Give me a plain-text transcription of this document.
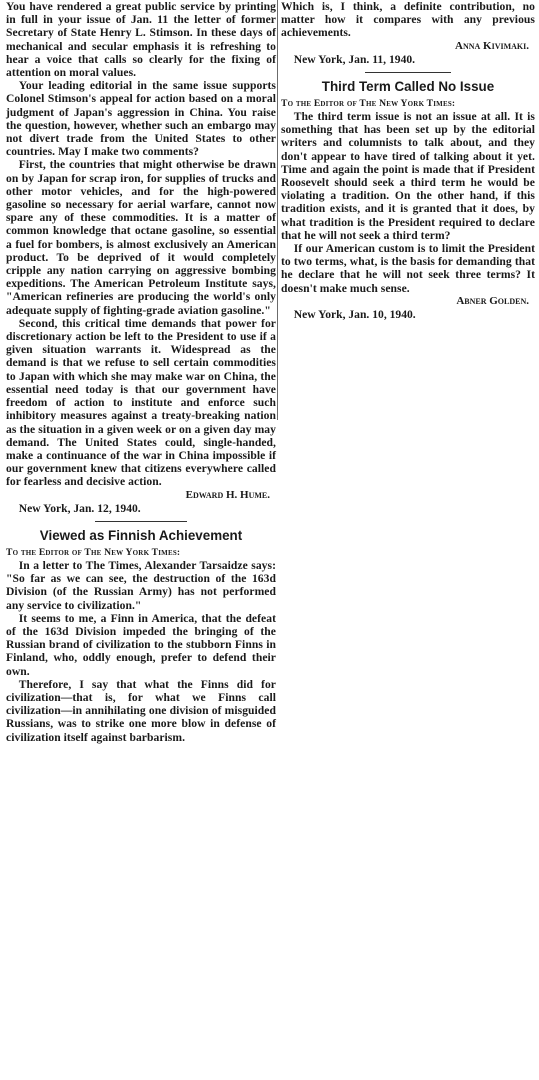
You have rendered a great public service by printing in full in your issue of Jan. 11 the letter of former Secretary of State Henry L. Stimson. In these days of mechanical and secular emphasis it is refreshing to hear a voice that calls so clearly for the fixing of attention on moral values.

Your leading editorial in the same issue supports Colonel Stimson's appeal for action based on a moral judgment of Japan's aggression in China. You raise the question, however, whether such an embargo may not divert trade from the United States to other countries. May I make two comments?

First, the countries that might otherwise be drawn on by Japan for scrap iron, for supplies of trucks and other motor vehicles, and for the high-powered gasoline so necessary for aerial warfare, cannot now spare any of these commodities. It is a matter of common knowledge that octane gasoline, so essential a fuel for bombers, is almost exclusively an American product. To be deprived of it would completely cripple any nation carrying on aggressive bombing expeditions. The American Petroleum Institute says, "American refineries are producing the world's only adequate supply of fighting-grade aviation gasoline."

Second, this critical time demands that power for discretionary action be left to the President to use if a given situation warrants it. Widespread as the demand is that we refuse to sell certain commodities to Japan with which she may make war on China, the essential need today is that our government have freedom of action to institute and enforce such inhibitory measures against a treaty-breaking nation as the situation in a given week or on a given day may demand. The United States could, single-handed, make a continuance of the war in China impossible if our government knew that citizens everywhere called for fearless and decisive action.

Edward H. Hume.
New York, Jan. 12, 1940.
Viewed as Finnish Achievement
To the Editor of The New York Times:

In a letter to The Times, Alexander Tarsaidze says: "So far as we can see, the destruction of the 163d Division (of the Russian Army) has not performed any service to civilization."

It seems to me, a Finn in America, that the defeat of the 163d Division impeded the bringing of the Russian brand of civilization to the stubborn Finns in Finland, who, oddly enough, prefer to defend their own.

Therefore, I say that what the Finns did for civilization—that is, for what we Finns call civilization—in annihilating one division of misguided Russians, was to strike one more blow in defense of civilization itself against barbarism.

Which is, I think, a definite contribution, no matter how it compares with any previous achievements.

Anna Kivimaki.
New York, Jan. 11, 1940.
Third Term Called No Issue
To the Editor of The New York Times:

The third term issue is not an issue at all. It is something that has been set up by the editorial writers and columnists to talk about, and they don't appear to have tired of talking about it yet. Time and again the point is made that if President Roosevelt should seek a third term he would be violating a tradition. On the other hand, if this tradition exists, and it is granted that it does, by what tradition is the President required to declare that he will not seek a third term?

If our American custom is to limit the President to two terms, what, is the basis for demanding that he declare that he will not seek three terms? It doesn't make much sense.

Abner Golden.
New York, Jan. 10, 1940.
